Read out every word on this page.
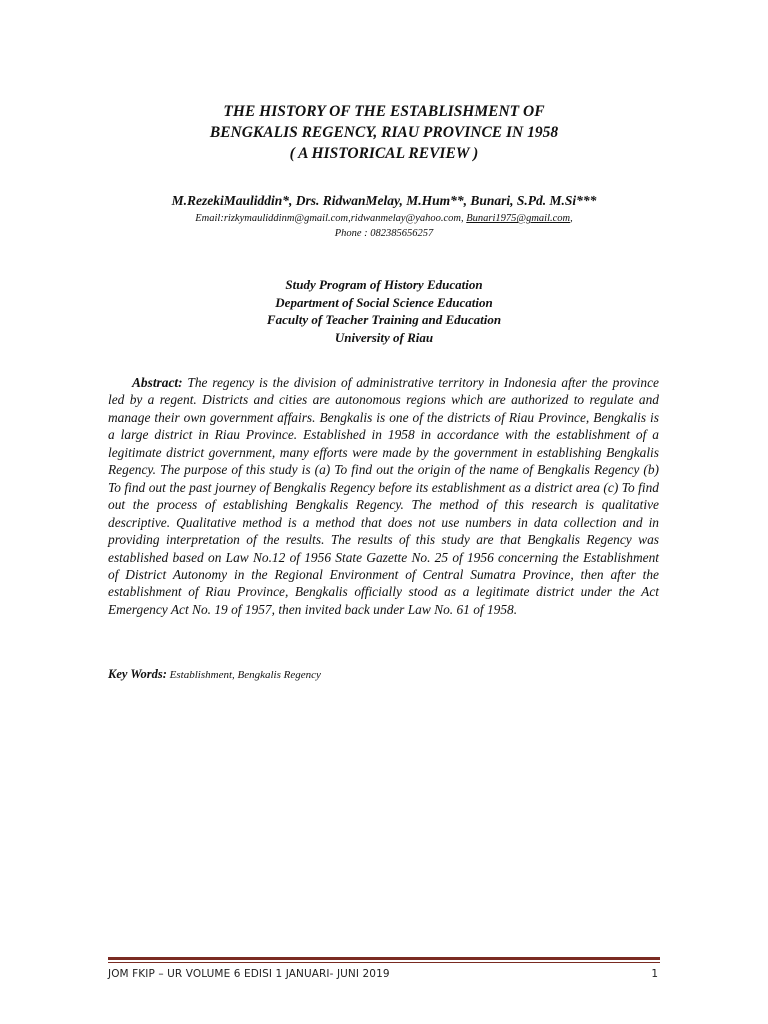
THE HISTORY OF THE ESTABLISHMENT OF
BENGKALIS REGENCY, RIAU PROVINCE IN 1958
( A HISTORICAL REVIEW )
M.RezekiMauliddin*, Drs. RidwanMelay, M.Hum**, Bunari, S.Pd. M.Si***
Email:rizkymauliddinm@gmail.com,ridwanmelay@yahoo.com, Bunari1975@gmail.com,
Phone : 082385656257
Study Program of History Education
Department of Social Science Education
Faculty of Teacher Training and Education
University of Riau

Abstract: The regency is the division of administrative territory in Indonesia after the province led by a regent. Districts and cities are autonomous regions which are authorized to regulate and manage their own government affairs. Bengkalis is one of the districts of Riau Province, Bengkalis is a large district in Riau Province. Established in 1958 in accordance with the establishment of a legitimate district government, many efforts were made by the government in establishing Bengkalis Regency. The purpose of this study is (a) To find out the origin of the name of Bengkalis Regency (b) To find out the past journey of Bengkalis Regency before its establishment as a district area (c) To find out the process of establishing Bengkalis Regency. The method of this research is qualitative descriptive. Qualitative method is a method that does not use numbers in data collection and in providing interpretation of the results. The results of this study are that Bengkalis Regency was established based on Law No.12 of 1956 State Gazette No. 25 of 1956 concerning the Establishment of District Autonomy in the Regional Environment of Central Sumatra Province, then after the establishment of Riau Province, Bengkalis officially stood as a legitimate district under the Act Emergency Act No. 19 of 1957, then invited back under Law No. 61 of 1958.

Key Words: Establishment, Bengkalis Regency
JOM FKIP – UR VOLUME 6 EDISI 1 JANUARI- JUNI 2019	1
